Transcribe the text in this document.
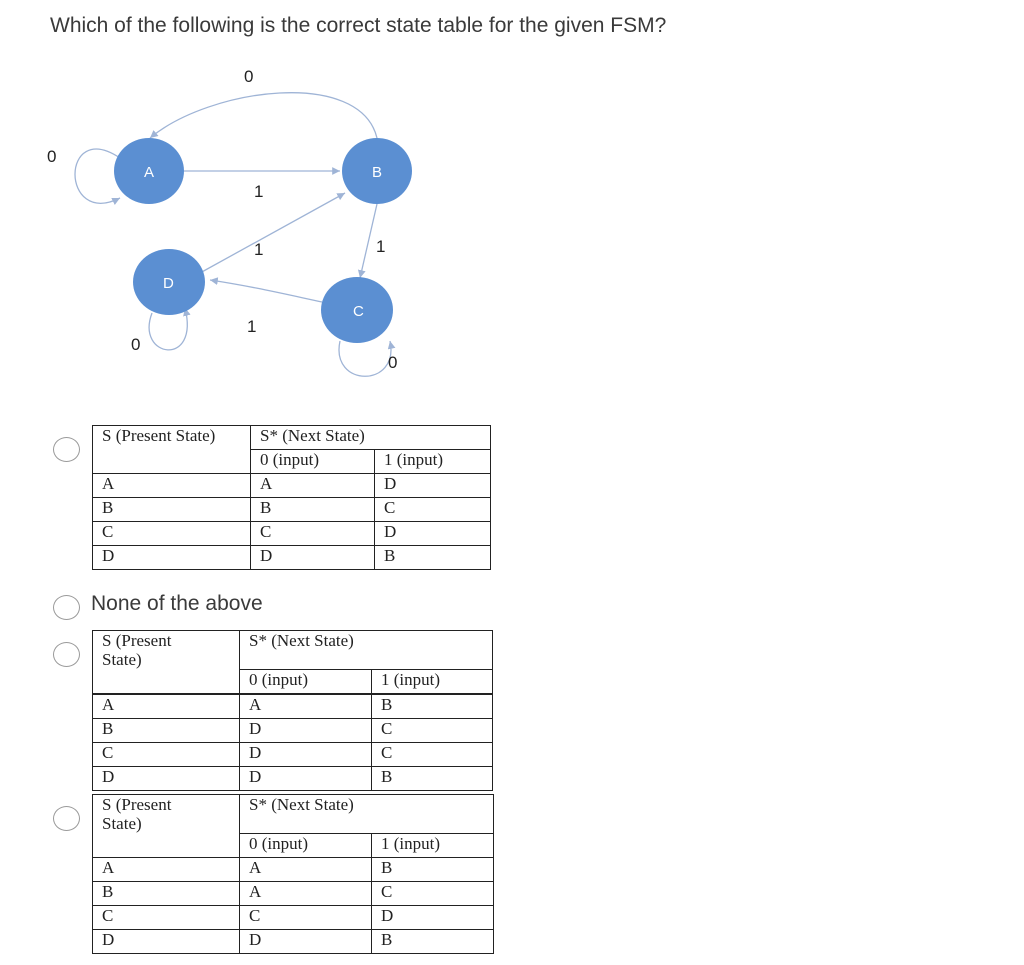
Which of the following is the correct state table for the given FSM?
A	B
D
C
0
0
1
1	1
1
0
0
S (Present State)	S* (Next State)	
	0 (input)	1 (input)
A	A	D
B	B	C
C	C	D
D	D	B
None of the above
S (Present State)	S* (Next State)	
	0 (input)	1 (input)
A	A	B
B	D	C
C	D	C
D	D	B
S (Present State)	S* (Next State)	
	0 (input)	1 (input)
A	A	B
B	A	C
C	C	D
D	D	B
